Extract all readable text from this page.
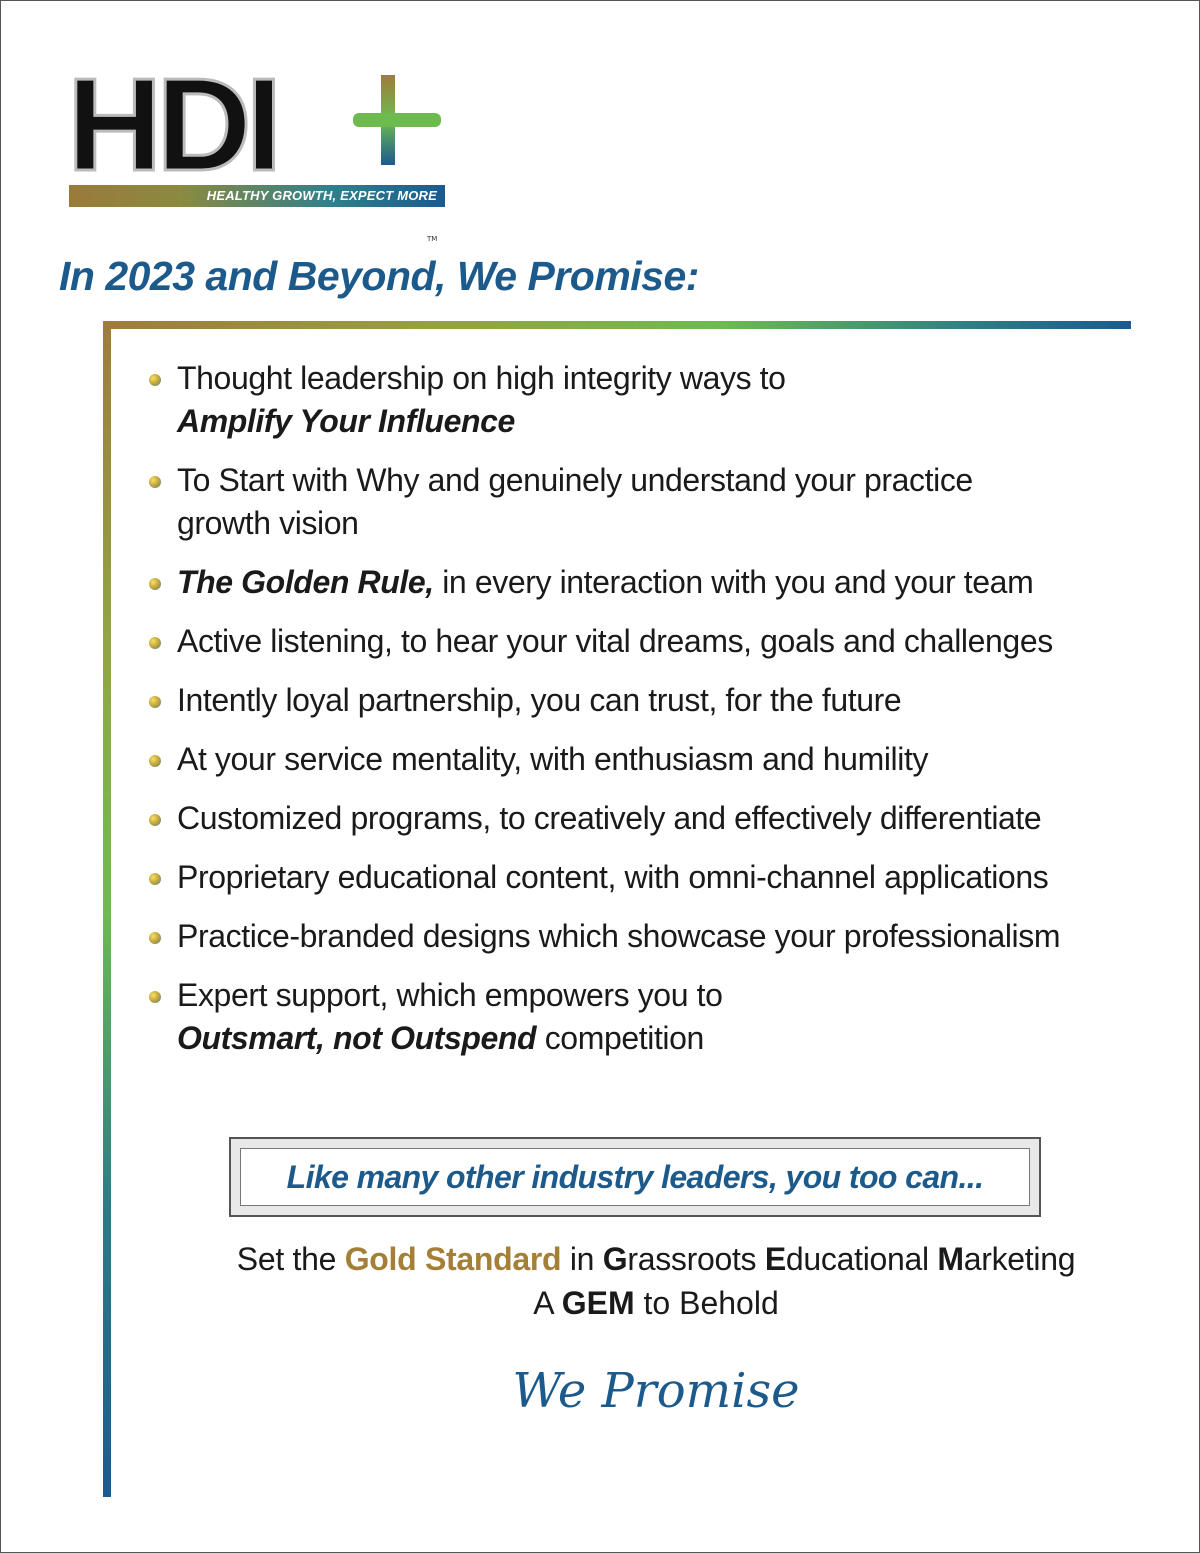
HDI
TM
HEALTHY GROWTH, EXPECT MORE
In 2023 and Beyond, We Promise:
Thought leadership on high integrity ways to
Amplify Your Influence
To Start with Why and genuinely understand your practice
growth vision
The Golden Rule, in every interaction with you and your team
Active listening, to hear your vital dreams, goals and challenges
Intently loyal partnership, you can trust, for the future
At your service mentality, with enthusiasm and humility
Customized programs, to creatively and effectively differentiate
Proprietary educational content, with omni-channel applications
Practice-branded designs which showcase your professionalism
Expert support, which empowers you to
Outsmart, not Outspend competition
Like many other industry leaders, you too can...
Set the Gold Standard in Grassroots Educational Marketing
A GEM to Behold
We Promise
